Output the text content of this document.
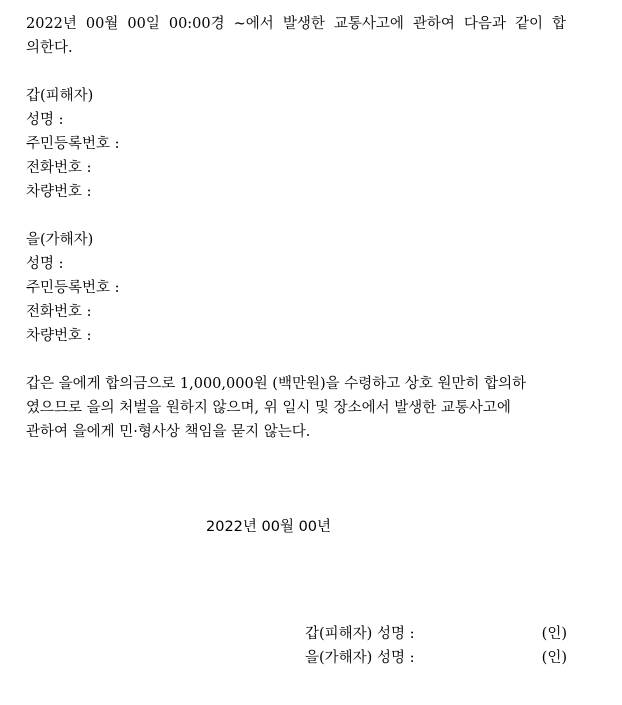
2022년 00월 00일 00:00경 ~에서 발생한 교통사고에 관하여 다음과 같이 합
의한다.
갑(피해자)
성명 :
주민등록번호 :
전화번호 :
차량번호 :
을(가해자)
성명 :
주민등록번호 :
전화번호 :
차량번호 :
갑은 을에게 합의금으로 1,000,000원 (백만원)을 수령하고 상호 원만히 합의하
였으므로 을의 처벌을 원하지 않으며, 위 일시 및 장소에서 발생한 교통사고에
관하여 을에게 민·형사상 책임을 묻지 않는다.
2022년 00월 00년
갑(피해자) 성명 :	(인)
을(가해자) 성명 :	(인)
